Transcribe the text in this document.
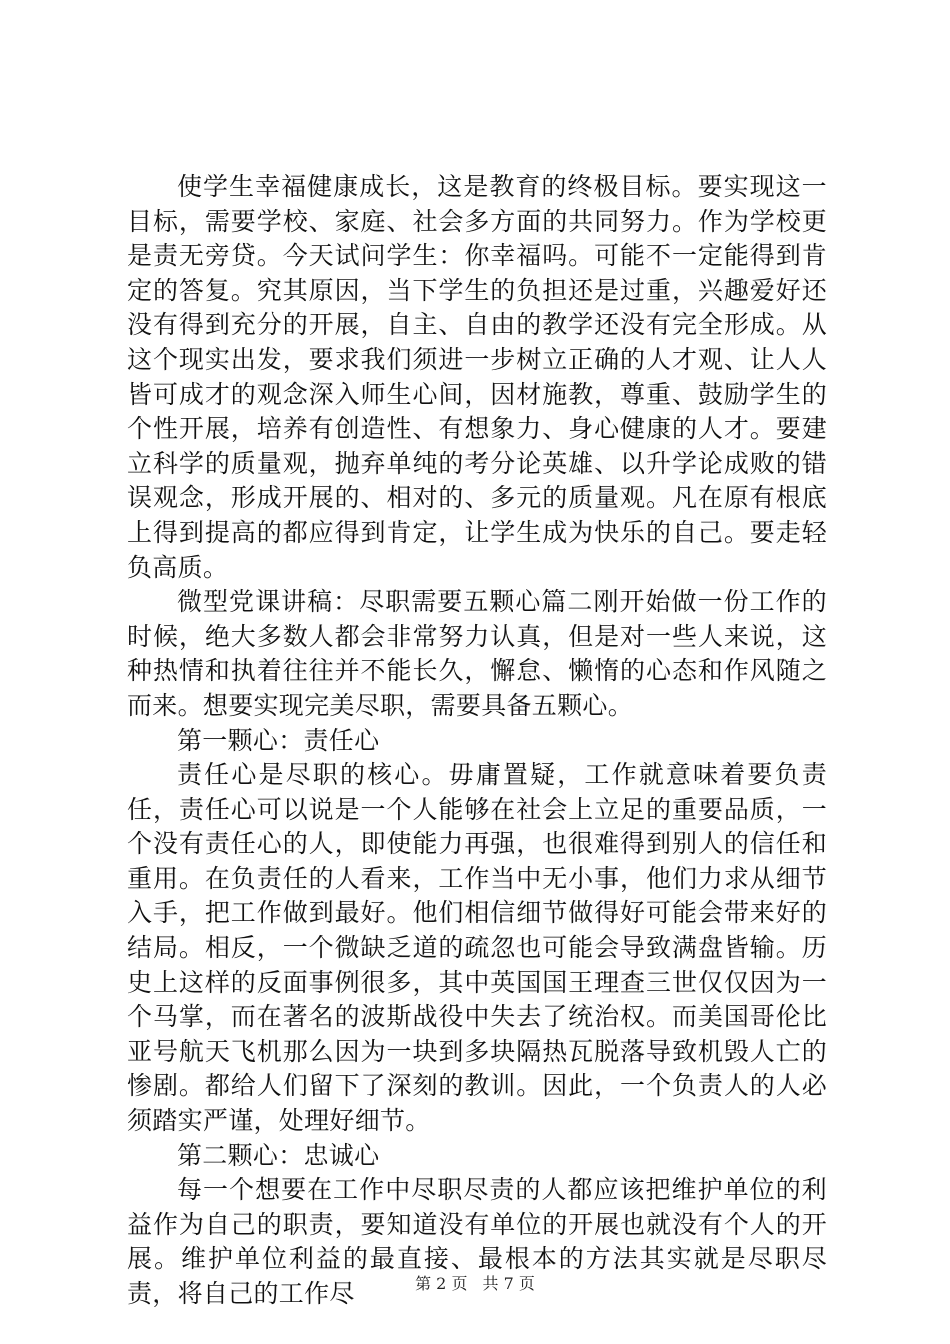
使学生幸福健康成长，这是教育的终极目标。要实现这一目标，需要学校、家庭、社会多方面的共同努力。作为学校更是责无旁贷。今天试问学生：你幸福吗。可能不一定能得到肯定的答复。究其原因，当下学生的负担还是过重，兴趣爱好还没有得到充分的开展，自主、自由的教学还没有完全形成。从这个现实出发，要求我们须进一步树立正确的人才观、让人人皆可成才的观念深入师生心间，因材施教，尊重、鼓励学生的个性开展，培养有创造性、有想象力、身心健康的人才。要建立科学的质量观，抛弃单纯的考分论英雄、以升学论成败的错误观念，形成开展的、相对的、多元的质量观。凡在原有根底上得到提高的都应得到肯定，让学生成为快乐的自己。要走轻负高质。

微型党课讲稿：尽职需要五颗心篇二刚开始做一份工作的时候，绝大多数人都会非常努力认真，但是对一些人来说，这种热情和执着往往并不能长久，懈怠、懒惰的心态和作风随之而来。想要实现完美尽职，需要具备五颗心。

第一颗心：责任心

责任心是尽职的核心。毋庸置疑，工作就意味着要负责任，责任心可以说是一个人能够在社会上立足的重要品质，一个没有责任心的人，即使能力再强，也很难得到别人的信任和重用。在负责任的人看来，工作当中无小事，他们力求从细节入手，把工作做到最好。他们相信细节做得好可能会带来好的结局。相反，一个微缺乏道的疏忽也可能会导致满盘皆输。历史上这样的反面事例很多，其中英国国王理查三世仅仅因为一个马掌，而在著名的波斯战役中失去了统治权。而美国哥伦比亚号航天飞机那么因为一块到多块隔热瓦脱落导致机毁人亡的惨剧。都给人们留下了深刻的教训。因此，一个负责人的人必须踏实严谨，处理好细节。

第二颗心：忠诚心

每一个想要在工作中尽职尽责的人都应该把维护单位的利益作为自己的职责，要知道没有单位的开展也就没有个人的开展。维护单位利益的最直接、最根本的方法其实就是尽职尽责，将自己的工作尽	第 2 页 共 7 页
